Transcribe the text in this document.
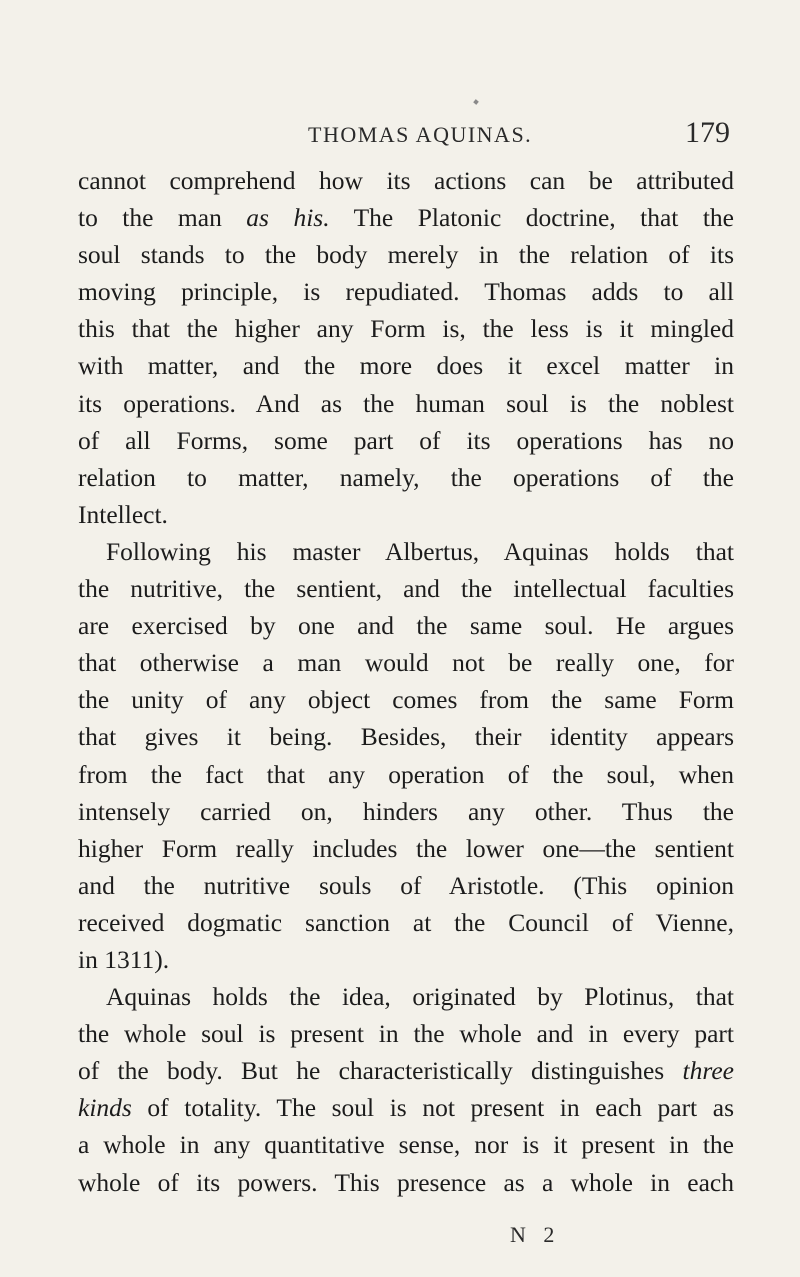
THOMAS AQUINAS.	179
cannot comprehend how its actions can be attributed
to the man as his. The Platonic doctrine, that the
soul stands to the body merely in the relation of its
moving principle, is repudiated. Thomas adds to all
this that the higher any Form is, the less is it mingled
with matter, and the more does it excel matter in
its operations. And as the human soul is the noblest
of all Forms, some part of its operations has no
relation to matter, namely, the operations of the
Intellect.
Following his master Albertus, Aquinas holds that
the nutritive, the sentient, and the intellectual faculties
are exercised by one and the same soul. He argues
that otherwise a man would not be really one, for
the unity of any object comes from the same Form
that gives it being. Besides, their identity appears
from the fact that any operation of the soul, when
intensely carried on, hinders any other. Thus the
higher Form really includes the lower one—the sentient
and the nutritive souls of Aristotle. (This opinion
received dogmatic sanction at the Council of Vienne,
in 1311).
Aquinas holds the idea, originated by Plotinus, that
the whole soul is present in the whole and in every part
of the body. But he characteristically distinguishes three
kinds of totality. The soul is not present in each part as
a whole in any quantitative sense, nor is it present in the
whole of its powers. This presence as a whole in each
N 2
